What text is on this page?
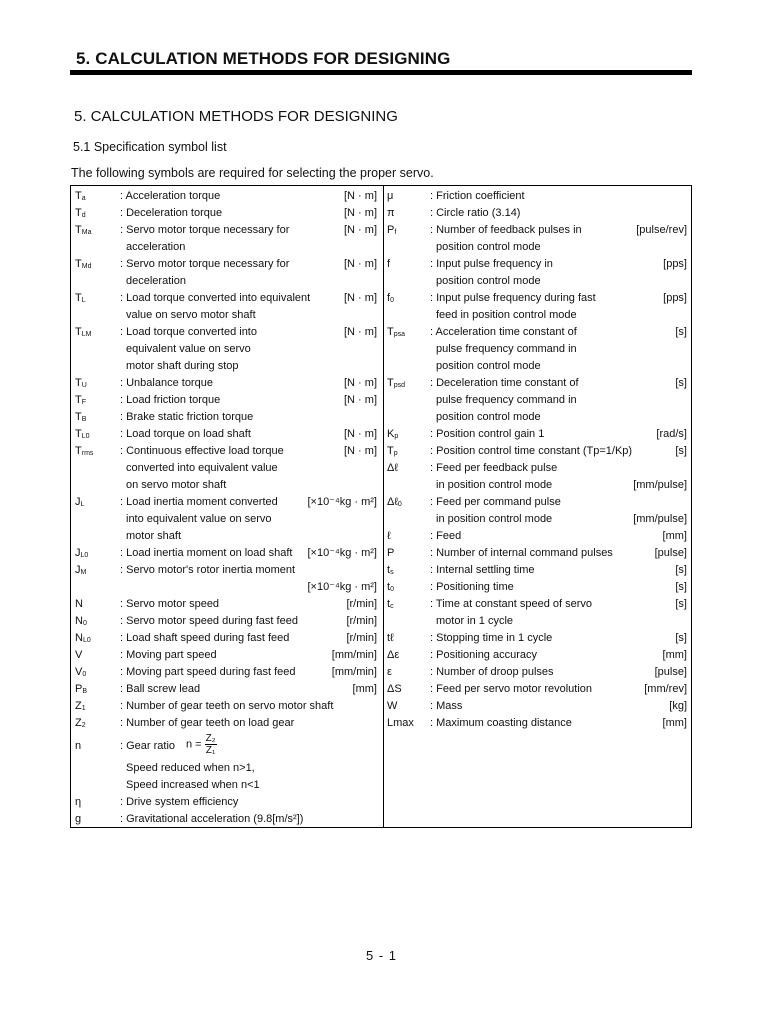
5. CALCULATION METHODS FOR DESIGNING
5. CALCULATION METHODS FOR DESIGNING
5.1 Specification symbol list
The following symbols are required for selecting the proper servo.
$T_a$	: Acceleration torque	[N · m]
$T_d$	: Deceleration torque	[N · m]
$T_{Ma}$	: Servo motor torque necessary for	[N · m]
acceleration
$T_{Md}$	: Servo motor torque necessary for	[N · m]
deceleration
$T_L$	: Load torque converted into equivalent	[N · m]
value on servo motor shaft
$T_{LM}$	: Load torque converted into	[N · m]
equivalent value on servo
motor shaft during stop
$T_U$	: Unbalance torque	[N · m]
$T_F$	: Load friction torque	[N · m]
$T_B$	: Brake static friction torque
$T_{L0}$	: Load torque on load shaft	[N · m]
$T_{rms}$ : Continuous effective load torque	[N · m]
converted into equivalent value
on servo motor shaft
$J_L$	: Load inertia moment converted	[×10⁻⁴kg · m²]
into equivalent value on servo
motor shaft
$J_{L0}$	: Load inertia moment on load shaft [×10⁻⁴kg · m²]
$J_M$	: Servo motor's rotor inertia moment
[×10⁻⁴kg · m²]
N	: Servo motor speed	[r/min]
$N_0$	: Servo motor speed during fast feed	[r/min]
$N_{L0}$	: Load shaft speed during fast feed	[r/min]
V	: Moving part speed	[mm/min]
$V_0$	: Moving part speed during fast feed	[mm/min]
$P_B$	: Ball screw lead	[mm]
$Z_1$	: Number of gear teeth on servo motor shaft
$Z_2$	: Number of gear teeth on load gear
n	: Gear ratio $n = \frac{\text{Z₂}}{\text{Z₁}}$
Speed reduced when n>1,
Speed increased when n<1
η	: Drive system efficiency
g	: Gravitational acceleration (9.8[m/s²])
μ	: Friction coefficient
π	: Circle ratio (3.14)
$P_f$	: Number of feedback pulses in	[pulse/rev]
position control mode
f	: Input pulse frequency in	[pps]
position control mode
$f_0$	: Input pulse frequency during fast	[pps]
feed in position control mode
$T_{psa}$ : Acceleration time constant of	[s]
pulse frequency command in
position control mode
$T_{psd}$ : Deceleration time constant of	[s]
pulse frequency command in
position control mode
$K_p$	: Position control gain 1	[rad/s]
$T_p$	: Position control time constant (Tp=1/Kp)	[s]
Δℓ	: Feed per feedback pulse
in position control mode	[mm/pulse]
Δℓ$_0$	: Feed per command pulse
in position control mode	[mm/pulse]
ℓ	: Feed	[mm]
P	: Number of internal command pulses	[pulse]
$t_s$	: Internal settling time	[s]
$t_0$	: Positioning time	[s]
$t_c$	: Time at constant speed of servo	[s]
motor in 1 cycle
tℓ	: Stopping time in 1 cycle	[s]
Δε	: Positioning accuracy	[mm]
ε	: Number of droop pulses	[pulse]
ΔS	: Feed per servo motor revolution	[mm/rev]
W	: Mass	[kg]
Lmax : Maximum coasting distance	[mm]
5 - 1
